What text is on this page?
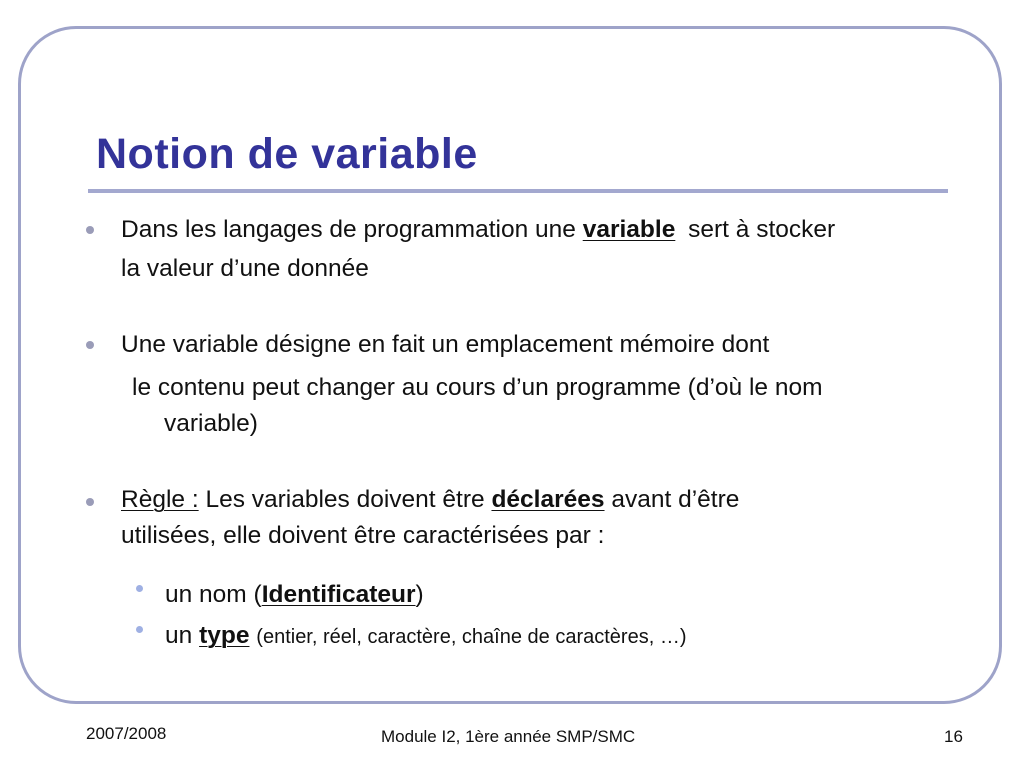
Notion de variable
Dans les langages de programmation une variable sert à stocker
la valeur d’une donnée
Une variable désigne en fait un emplacement mémoire dont
le contenu peut changer au cours d’un programme (d’où le nom
variable)
Règle : Les variables doivent être déclarées avant d’être
utilisées, elle doivent être caractérisées par :
un nom (Identificateur)
un type (entier, réel, caractère, chaîne de caractères, …)
2007/2008	Module I2, 1ère année SMP/SMC	16
